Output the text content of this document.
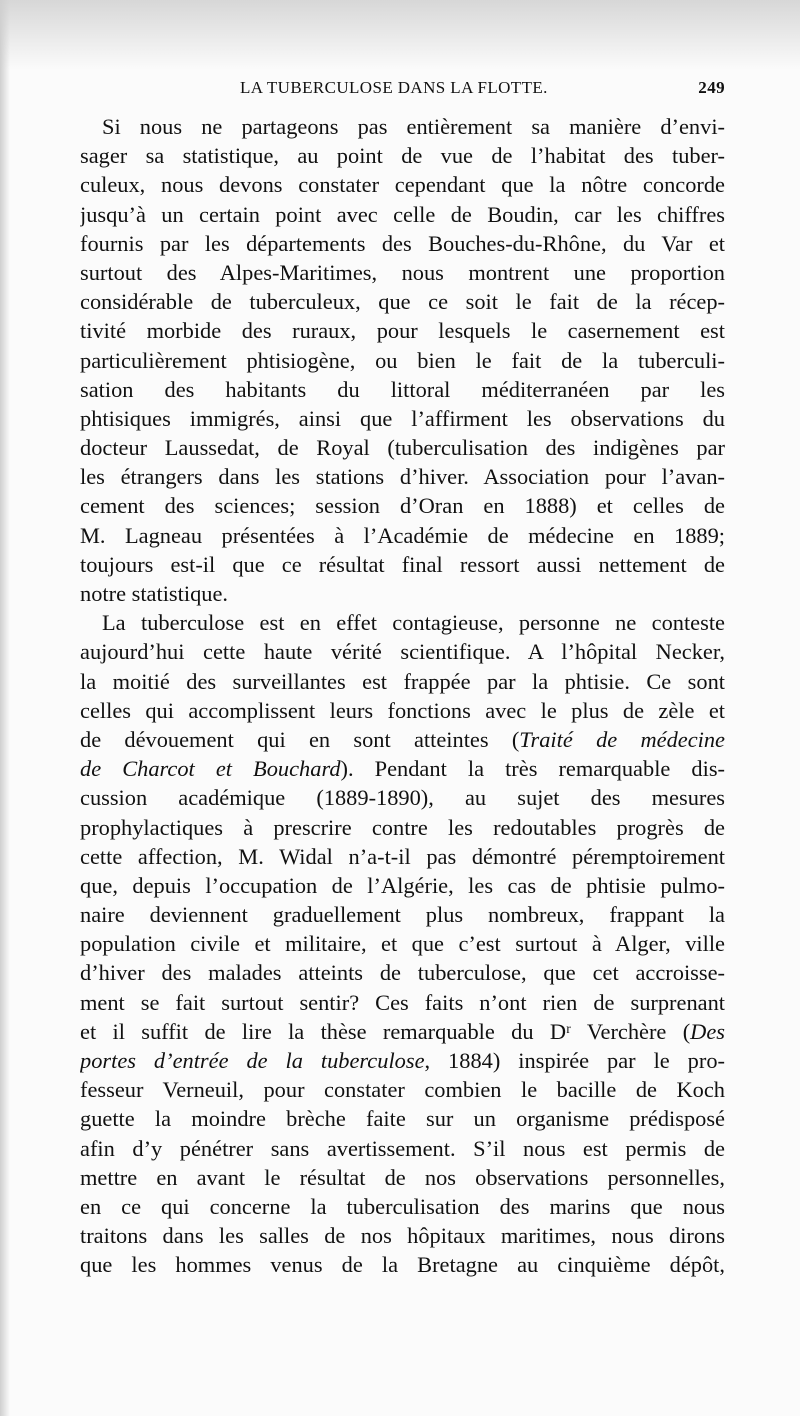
LA TUBERCULOSE DANS LA FLOTTE.	249
Si nous ne partageons pas entièrement sa manière d’envi-
sager sa statistique, au point de vue de l’habitat des tuber-
culeux, nous devons constater cependant que la nôtre concorde
jusqu’à un certain point avec celle de Boudin, car les chiffres
fournis par les départements des Bouches-du-Rhône, du Var et
surtout des Alpes-Maritimes, nous montrent une proportion
considérable de tuberculeux, que ce soit le fait de la récep-
tivité morbide des ruraux, pour lesquels le casernement est
particulièrement phtisiogène, ou bien le fait de la tuberculi-
sation des habitants du littoral méditerranéen par les
phtisiques immigrés, ainsi que l’affirment les observations du
docteur Laussedat, de Royal (tuberculisation des indigènes par
les étrangers dans les stations d’hiver. Association pour l’avan-
cement des sciences; session d’Oran en 1888) et celles de
M. Lagneau présentées à l’Académie de médecine en 1889;
toujours est-il que ce résultat final ressort aussi nettement de
notre statistique.
La tuberculose est en effet contagieuse, personne ne conteste
aujourd’hui cette haute vérité scientifique. A l’hôpital Necker,
la moitié des surveillantes est frappée par la phtisie. Ce sont
celles qui accomplissent leurs fonctions avec le plus de zèle et
de dévouement qui en sont atteintes (Traité de médecine
de Charcot et Bouchard). Pendant la très remarquable dis-
cussion académique (1889-1890), au sujet des mesures
prophylactiques à prescrire contre les redoutables progrès de
cette affection, M. Widal n’a-t-il pas démontré péremptoirement
que, depuis l’occupation de l’Algérie, les cas de phtisie pulmo-
naire deviennent graduellement plus nombreux, frappant la
population civile et militaire, et que c’est surtout à Alger, ville
d’hiver des malades atteints de tuberculose, que cet accroisse-
ment se fait surtout sentir? Ces faits n’ont rien de surprenant
et il suffit de lire la thèse remarquable du Dʳ Verchère (Des
portes d’entrée de la tuberculose, 1884) inspirée par le pro-
fesseur Verneuil, pour constater combien le bacille de Koch
guette la moindre brèche faite sur un organisme prédisposé
afin d’y pénétrer sans avertissement. S’il nous est permis de
mettre en avant le résultat de nos observations personnelles,
en ce qui concerne la tuberculisation des marins que nous
traitons dans les salles de nos hôpitaux maritimes, nous dirons
que les hommes venus de la Bretagne au cinquième dépôt,
